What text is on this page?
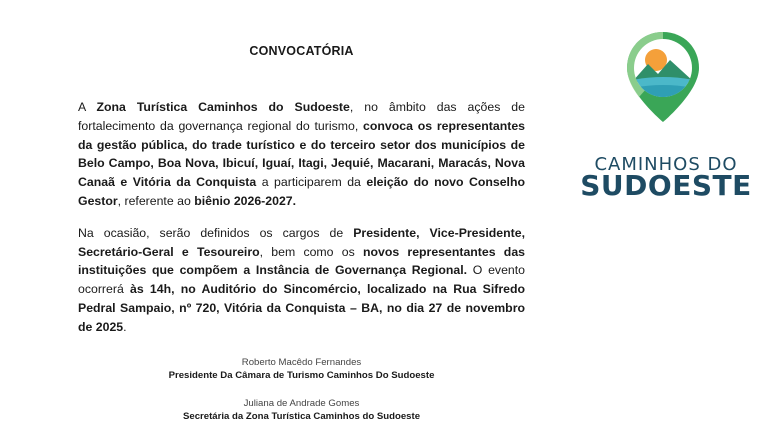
CONVOCATÓRIA

A Zona Turística Caminhos do Sudoeste, no âmbito das ações de fortalecimento da governança regional do turismo, convoca os representantes da gestão pública, do trade turístico e do terceiro setor dos municípios de Belo Campo, Boa Nova, Ibicuí, Iguaí, Itagi, Jequié, Macarani, Maracás, Nova Canaã e Vitória da Conquista a participarem da eleição do novo Conselho Gestor, referente ao biênio 2026-2027.

Na ocasião, serão definidos os cargos de Presidente, Vice-Presidente, Secretário-Geral e Tesoureiro, bem como os novos representantes das instituições que compõem a Instância de Governança Regional. O evento ocorrerá às 14h, no Auditório do Sincomércio, localizado na Rua Sifredo Pedral Sampaio, nº 720, Vitória da Conquista – BA, no dia 27 de novembro de 2025.

Roberto Macêdo Fernandes
Presidente Da Câmara de Turismo Caminhos Do Sudoeste
Juliana de Andrade Gomes
Secretária da Zona Turística Caminhos do Sudoeste
CAMINHOS DO
SUDOESTE
